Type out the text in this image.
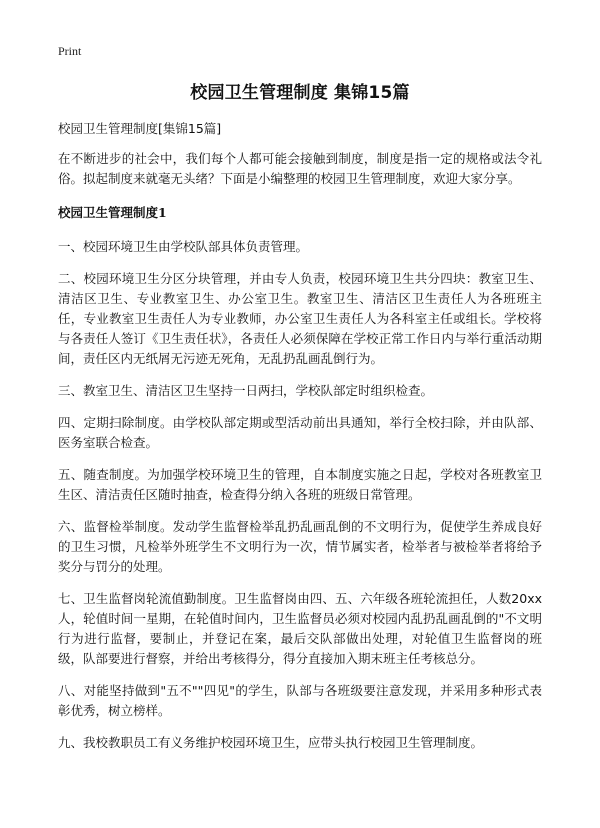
Print
校园卫生管理制度 集锦15篇

校园卫生管理制度[集锦15篇]

在不断进步的社会中，我们每个人都可能会接触到制度，制度是指一定的规格或法令礼俗。拟起制度来就毫无头绪？下面是小编整理的校园卫生管理制度，欢迎大家分享。

校园卫生管理制度1

一、校园环境卫生由学校队部具体负责管理。

二、校园环境卫生分区分块管理，并由专人负责，校园环境卫生共分四块：教室卫生、清洁区卫生、专业教室卫生、办公室卫生。教室卫生、清洁区卫生责任人为各班班主任，专业教室卫生责任人为专业教师，办公室卫生责任人为各科室主任或组长。学校将与各责任人签订《卫生责任状》，各责任人必须保障在学校正常工作日内与举行重活动期间，责任区内无纸屑无污迹无死角，无乱扔乱画乱倒行为。

三、教室卫生、清洁区卫生坚持一日两扫，学校队部定时组织检查。

四、定期扫除制度。由学校队部定期或型活动前出具通知，举行全校扫除，并由队部、医务室联合检查。

五、随查制度。为加强学校环境卫生的管理，自本制度实施之日起，学校对各班教室卫生区、清洁责任区随时抽查，检查得分纳入各班的班级日常管理。

六、监督检举制度。发动学生监督检举乱扔乱画乱倒的不文明行为，促使学生养成良好的卫生习惯，凡检举外班学生不文明行为一次，情节属实者，检举者与被检举者将给予奖分与罚分的处理。

七、卫生监督岗轮流值勤制度。卫生监督岗由四、五、六年级各班轮流担任，人数20xx人，轮值时间一星期，在轮值时间内，卫生监督员必须对校园内乱扔乱画乱倒的"不文明行为进行监督，要制止，并登记在案，最后交队部做出处理，对轮值卫生监督岗的班级，队部要进行督察，并给出考核得分，得分直接加入期末班主任考核总分。

八、对能坚持做到"五不""四见"的学生，队部与各班级要注意发现，并采用多种形式表彰优秀，树立榜样。

九、我校教职员工有义务维护校园环境卫生，应带头执行校园卫生管理制度。
